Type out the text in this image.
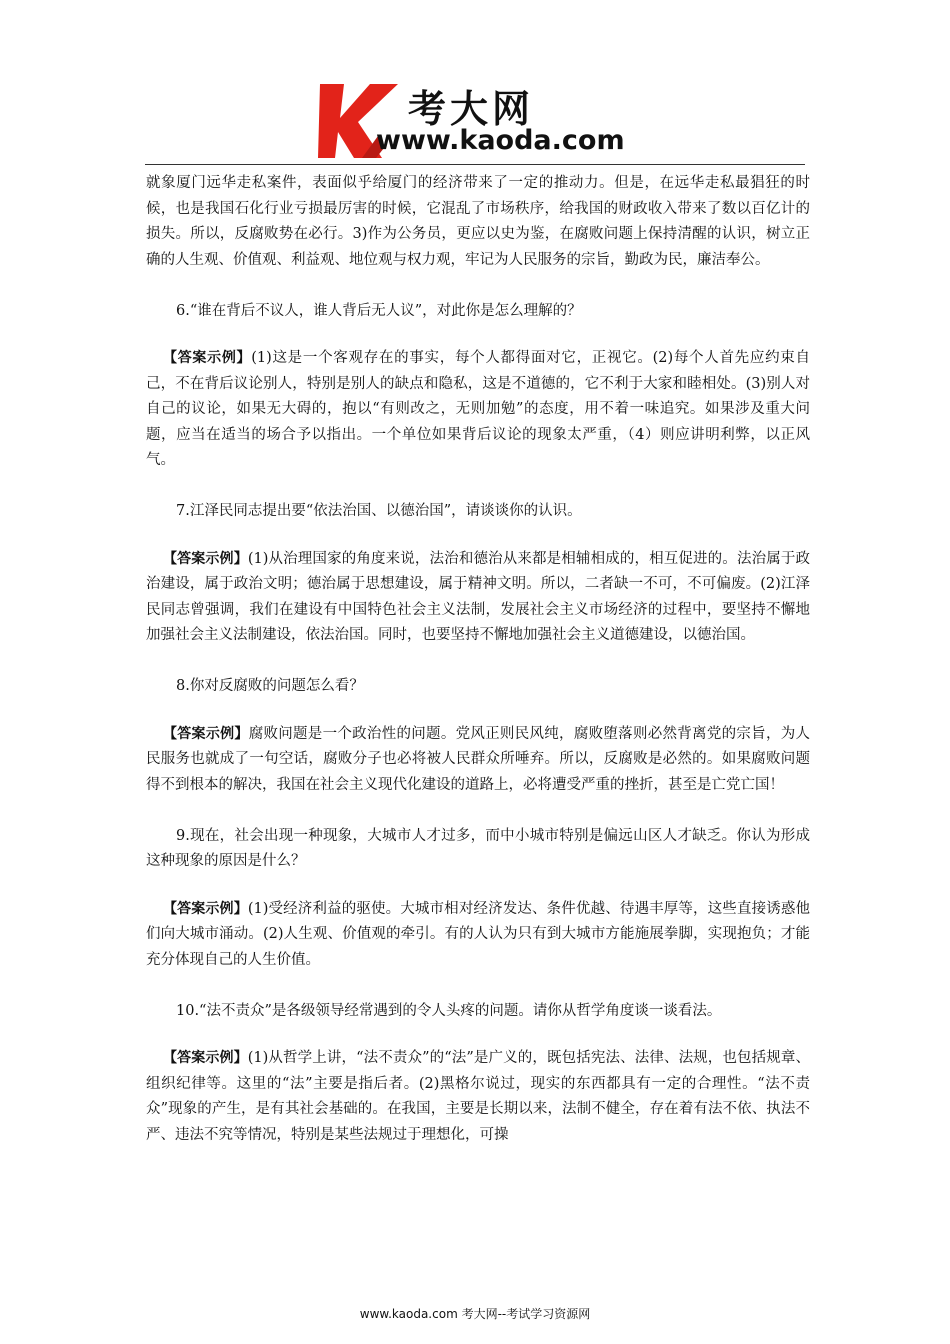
考大网
www.kaoda.com

就象厦门远华走私案件，表面似乎给厦门的经济带来了一定的推动力。但是，在远华走私最猖狂的时候，也是我国石化行业亏损最厉害的时候，它混乱了市场秩序，给我国的财政收入带来了数以百亿计的损失。所以，反腐败势在必行。3)作为公务员，更应以史为鉴，在腐败问题上保持清醒的认识，树立正确的人生观、价值观、利益观、地位观与权力观，牢记为人民服务的宗旨，勤政为民，廉洁奉公。

6.“谁在背后不议人，谁人背后无人议”，对此你是怎么理解的？

【答案示例】(1)这是一个客观存在的事实，每个人都得面对它，正视它。(2)每个人首先应约束自己，不在背后议论别人，特别是别人的缺点和隐私，这是不道德的，它不利于大家和睦相处。(3)别人对自己的议论，如果无大碍的，抱以“有则改之，无则加勉”的态度，用不着一味追究。如果涉及重大问题，应当在适当的场合予以指出。一个单位如果背后议论的现象太严重，（4）则应讲明利弊，以正风气。

7.江泽民同志提出要“依法治国、以德治国”，请谈谈你的认识。

【答案示例】(1)从治理国家的角度来说，法治和德治从来都是相辅相成的，相互促进的。法治属于政治建设，属于政治文明；德治属于思想建设，属于精神文明。所以，二者缺一不可，不可偏废。(2)江泽民同志曾强调，我们在建设有中国特色社会主义法制，发展社会主义市场经济的过程中，要坚持不懈地加强社会主义法制建设，依法治国。同时，也要坚持不懈地加强社会主义道德建设，以德治国。

8.你对反腐败的问题怎么看？

【答案示例】腐败问题是一个政治性的问题。党风正则民风纯，腐败堕落则必然背离党的宗旨，为人民服务也就成了一句空话，腐败分子也必将被人民群众所唾弃。所以，反腐败是必然的。如果腐败问题得不到根本的解决，我国在社会主义现代化建设的道路上，必将遭受严重的挫折，甚至是亡党亡国！

9.现在，社会出现一种现象，大城市人才过多，而中小城市特别是偏远山区人才缺乏。你认为形成这种现象的原因是什么？

【答案示例】(1)受经济利益的驱使。大城市相对经济发达、条件优越、待遇丰厚等，这些直接诱惑他们向大城市涌动。(2)人生观、价值观的牵引。有的人认为只有到大城市方能施展拳脚，实现抱负；才能充分体现自己的人生价值。

10.“法不责众”是各级领导经常遇到的令人头疼的问题。请你从哲学角度谈一谈看法。

【答案示例】(1)从哲学上讲，“法不责众”的“法”是广义的，既包括宪法、法律、法规，也包括规章、组织纪律等。这里的“法”主要是指后者。(2)黑格尔说过，现实的东西都具有一定的合理性。“法不责众”现象的产生，是有其社会基础的。在我国，主要是长期以来，法制不健全，存在着有法不依、执法不严、违法不究等情况，特别是某些法规过于理想化，可操

www.kaoda.com 考大网--考试学习资源网
